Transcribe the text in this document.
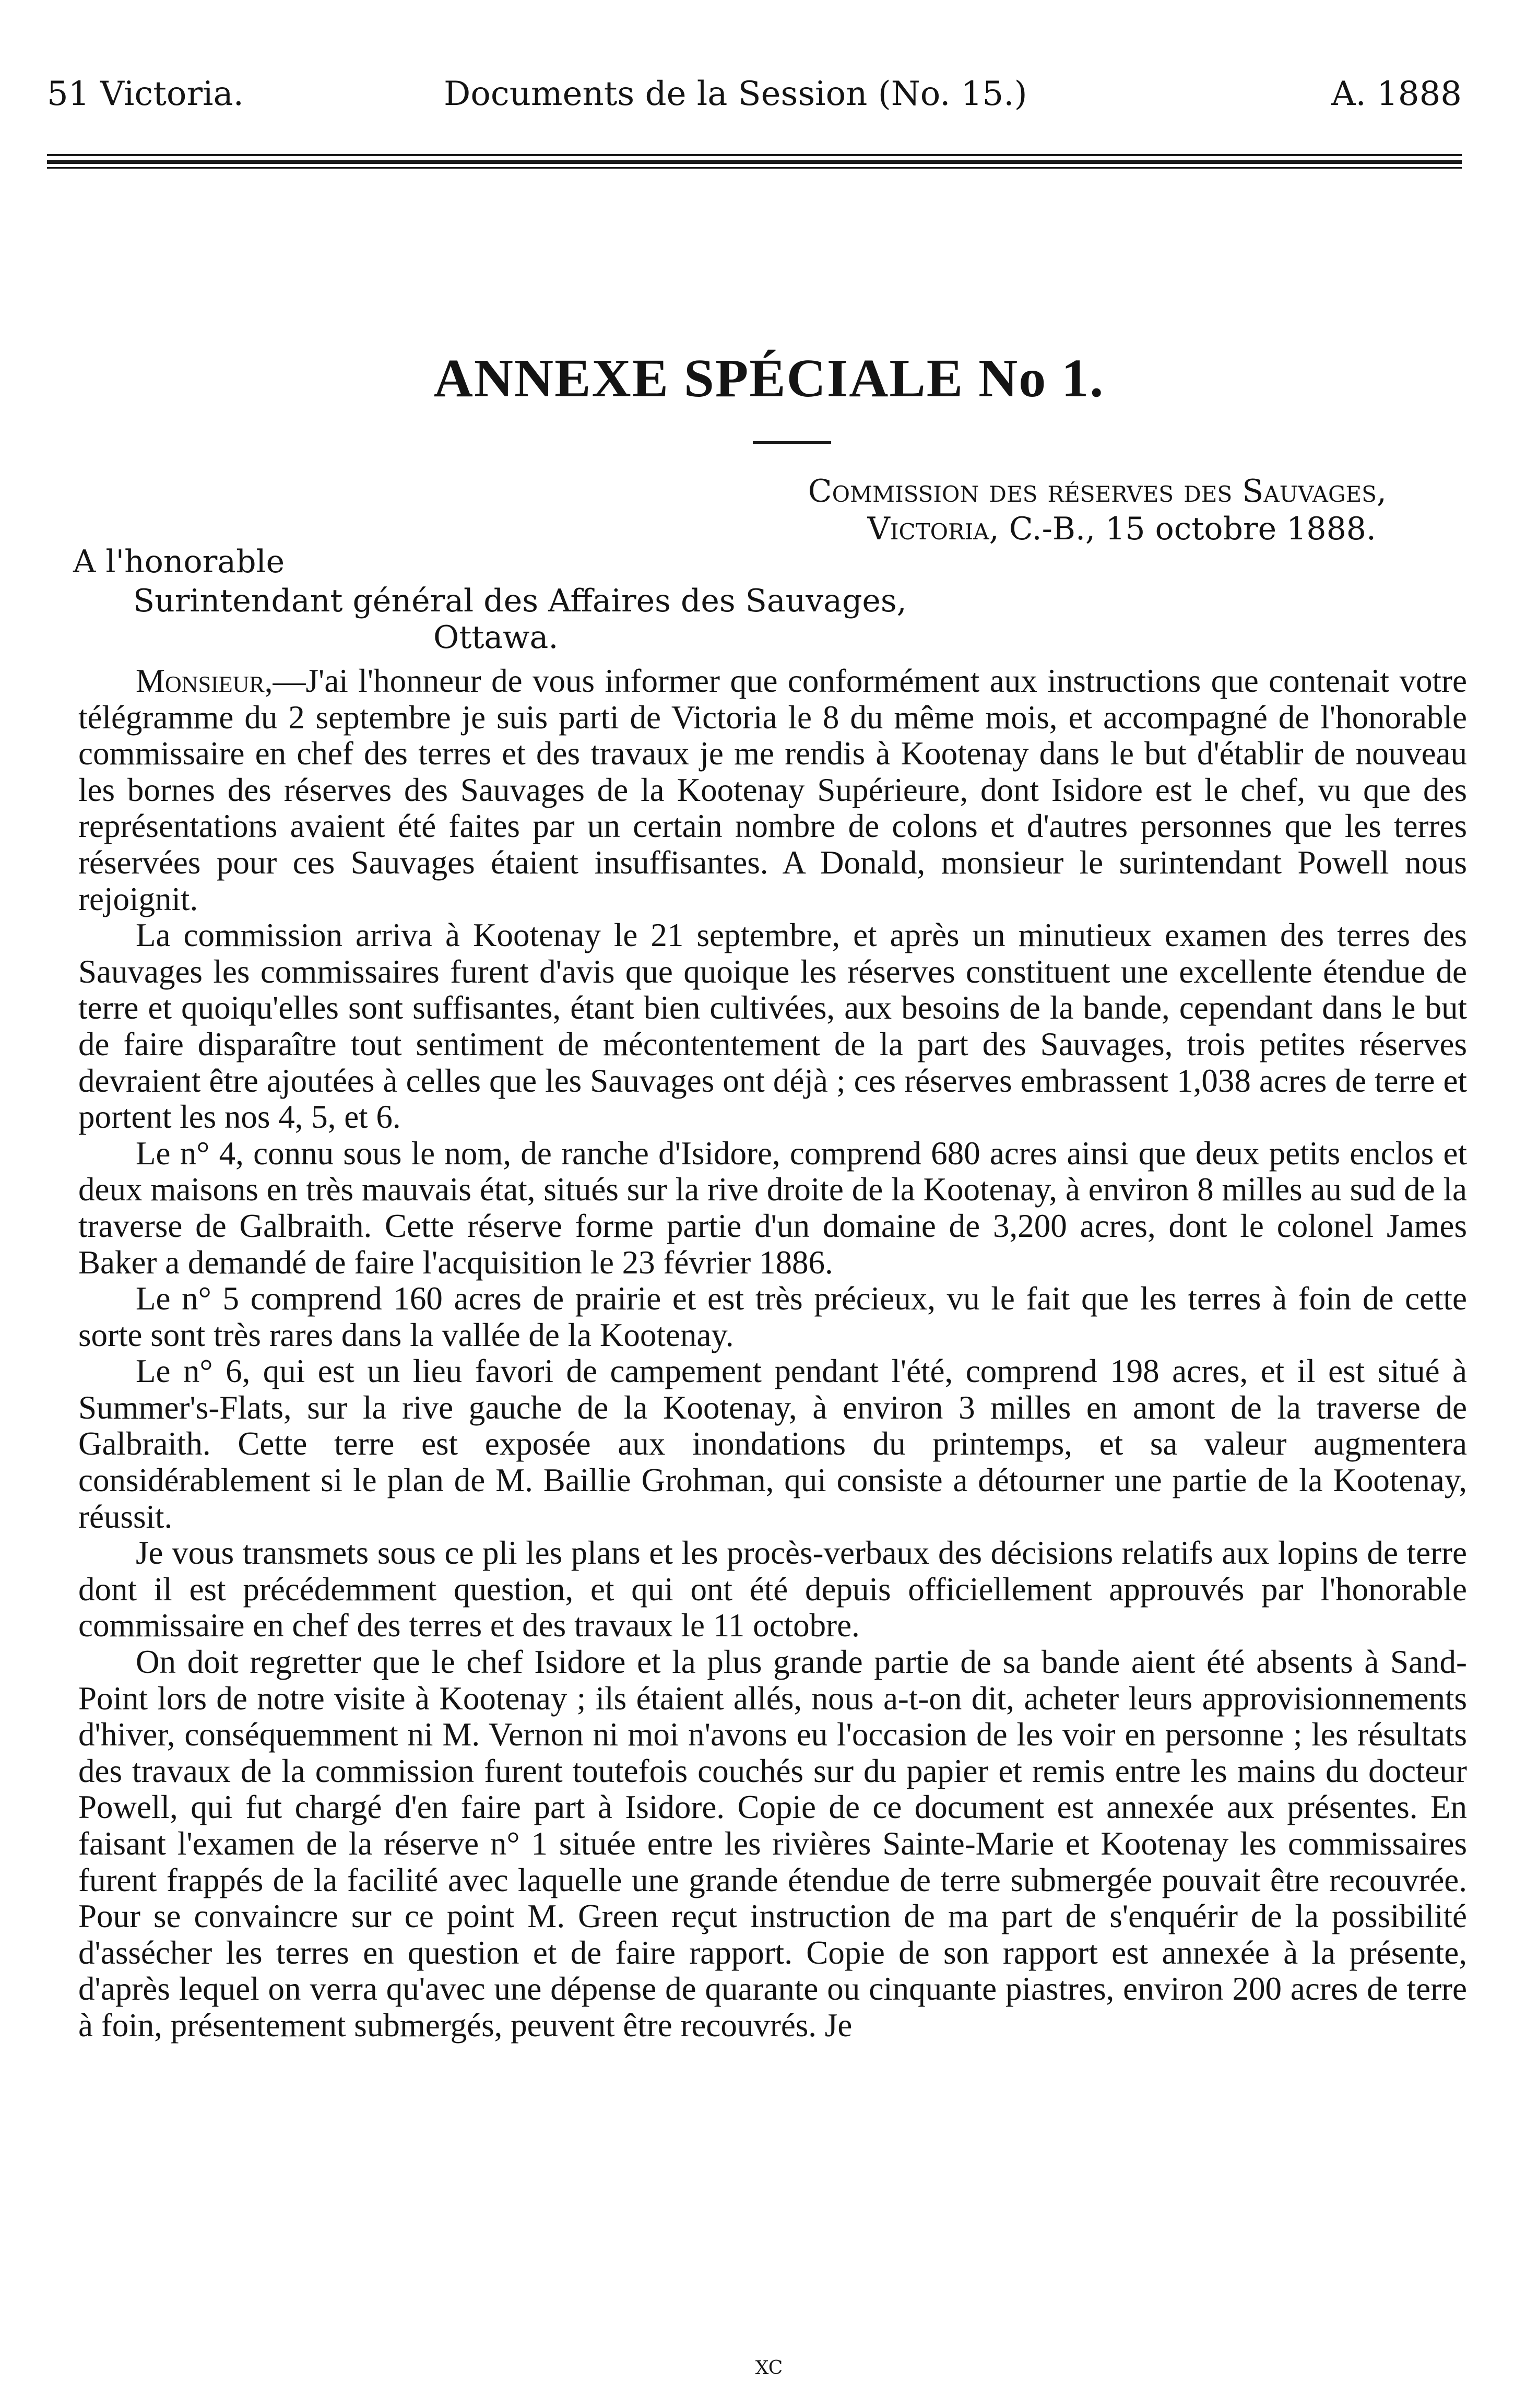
51 Victoria.	Documents de la Session (No. 15.)	A. 1888
ANNEXE SPÉCIALE No 1.
Commission des réserves des Sauvages,
Victoria, C.-B., 15 octobre 1888.
A l'honorable
Surintendant général des Affaires des Sauvages,
Ottawa.

Monsieur,—J'ai l'honneur de vous informer que conformément aux instructions que contenait votre télégramme du 2 septembre je suis parti de Victoria le 8 du même mois, et accompagné de l'honorable commissaire en chef des terres et des travaux je me rendis à Kootenay dans le but d'établir de nouveau les bornes des réserves des Sauvages de la Kootenay Supérieure, dont Isidore est le chef, vu que des représentations avaient été faites par un certain nombre de colons et d'autres personnes que les terres réservées pour ces Sauvages étaient insuffisantes. A Donald, monsieur le surintendant Powell nous rejoignit.

La commission arriva à Kootenay le 21 septembre, et après un minutieux examen des terres des Sauvages les commissaires furent d'avis que quoique les réserves constituent une excellente étendue de terre et quoiqu'elles sont suffisantes, étant bien cultivées, aux besoins de la bande, cependant dans le but de faire disparaître tout sentiment de mécontentement de la part des Sauvages, trois petites réserves devraient être ajoutées à celles que les Sauvages ont déjà ; ces réserves embrassent 1,038 acres de terre et portent les nos 4, 5, et 6.

Le n° 4, connu sous le nom, de ranche d'Isidore, comprend 680 acres ainsi que deux petits enclos et deux maisons en très mauvais état, situés sur la rive droite de la Kootenay, à environ 8 milles au sud de la traverse de Galbraith. Cette réserve forme partie d'un domaine de 3,200 acres, dont le colonel James Baker a demandé de faire l'acquisition le 23 février 1886.

Le n° 5 comprend 160 acres de prairie et est très précieux, vu le fait que les terres à foin de cette sorte sont très rares dans la vallée de la Kootenay.

Le n° 6, qui est un lieu favori de campement pendant l'été, comprend 198 acres, et il est situé à Summer's-Flats, sur la rive gauche de la Kootenay, à environ 3 milles en amont de la traverse de Galbraith. Cette terre est exposée aux inondations du printemps, et sa valeur augmentera considérablement si le plan de M. Baillie Grohman, qui consiste a détourner une partie de la Kootenay, réussit.

Je vous transmets sous ce pli les plans et les procès-verbaux des décisions relatifs aux lopins de terre dont il est précédemment question, et qui ont été depuis officiellement approuvés par l'honorable commissaire en chef des terres et des travaux le 11 octobre.

On doit regretter que le chef Isidore et la plus grande partie de sa bande aient été absents à Sand-Point lors de notre visite à Kootenay ; ils étaient allés, nous a-t-on dit, acheter leurs approvisionnements d'hiver, conséquemment ni M. Vernon ni moi n'avons eu l'occasion de les voir en personne ; les résultats des travaux de la commission furent toutefois couchés sur du papier et remis entre les mains du docteur Powell, qui fut chargé d'en faire part à Isidore. Copie de ce document est annexée aux présentes. En faisant l'examen de la réserve n° 1 située entre les rivières Sainte-Marie et Kootenay les commissaires furent frappés de la facilité avec laquelle une grande étendue de terre submergée pouvait être recouvrée. Pour se convaincre sur ce point M. Green reçut instruction de ma part de s'enquérir de la possibilité d'assécher les terres en question et de faire rapport. Copie de son rapport est annexée à la présente, d'après lequel on verra qu'avec une dépense de quarante ou cinquante piastres, environ 200 acres de terre à foin, présentement submergés, peuvent être recouvrés. Je

xc
